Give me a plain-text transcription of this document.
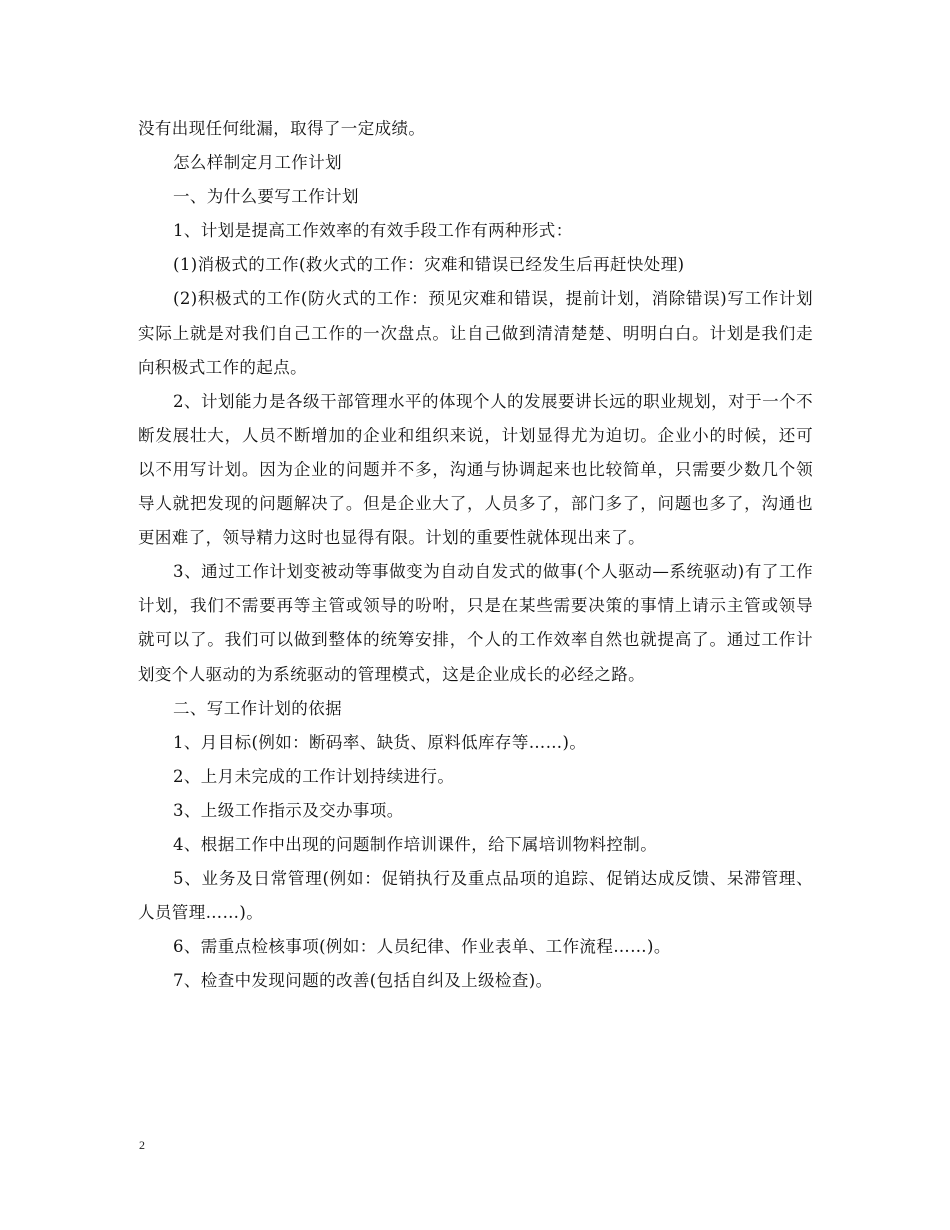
没有出现任何纰漏，取得了一定成绩。

怎么样制定月工作计划

一、为什么要写工作计划

1、计划是提高工作效率的有效手段工作有两种形式：

(1)消极式的工作(救火式的工作：灾难和错误已经发生后再赶快处理)

(2)积极式的工作(防火式的工作：预见灾难和错误，提前计划，消除错误)写工作计划实际上就是对我们自己工作的一次盘点。让自己做到清清楚楚、明明白白。计划是我们走向积极式工作的起点。

2、计划能力是各级干部管理水平的体现个人的发展要讲长远的职业规划，对于一个不断发展壮大，人员不断增加的企业和组织来说，计划显得尤为迫切。企业小的时候，还可以不用写计划。因为企业的问题并不多，沟通与协调起来也比较简单，只需要少数几个领导人就把发现的问题解决了。但是企业大了，人员多了，部门多了，问题也多了，沟通也更困难了，领导精力这时也显得有限。计划的重要性就体现出来了。

3、通过工作计划变被动等事做变为自动自发式的做事(个人驱动—系统驱动)有了工作计划，我们不需要再等主管或领导的吩咐，只是在某些需要决策的事情上请示主管或领导就可以了。我们可以做到整体的统筹安排，个人的工作效率自然也就提高了。通过工作计划变个人驱动的为系统驱动的管理模式，这是企业成长的必经之路。

二、写工作计划的依据

1、月目标(例如：断码率、缺货、原料低库存等……)。

2、上月未完成的工作计划持续进行。

3、上级工作指示及交办事项。

4、根据工作中出现的问题制作培训课件，给下属培训物料控制。

5、业务及日常管理(例如：促销执行及重点品项的追踪、促销达成反馈、呆滞管理、人员管理……)。

6、需重点检核事项(例如：人员纪律、作业表单、工作流程……)。

7、检查中发现问题的改善(包括自纠及上级检查)。

2
